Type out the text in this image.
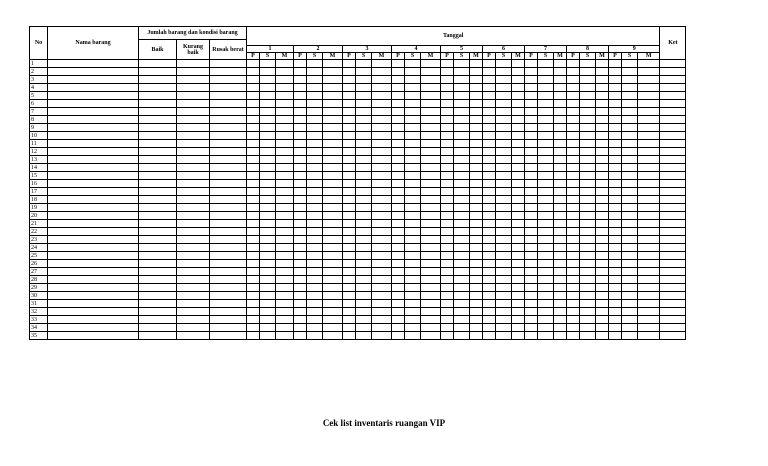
No	Nama barang	Jumlah barang dan kondisi barang			Tanggal																											Ket
		Baik	Kurang baik	Rusak berat																												
					1			2			3			4			5			6			7			8			9			
					P	S	M	P	S	M	P	S	M	P	S	M	P	S	M	P	S	M	P	S	M	P	S	M	P	S	M	
1																																
2																																
3																																
4																																
5																																
6																																
7																																
8																																
9																																
10																																
11																																
12																																
13																																
14																																
15																																
16																																
17																																
18																																
19																																
20																																
21																																
22																																
23																																
24																																
25																																
26																																
27																																
28																																
29																																
30																																
31																																
32																																
33																																
34																																
35																																
Cek list inventaris ruangan VIP
